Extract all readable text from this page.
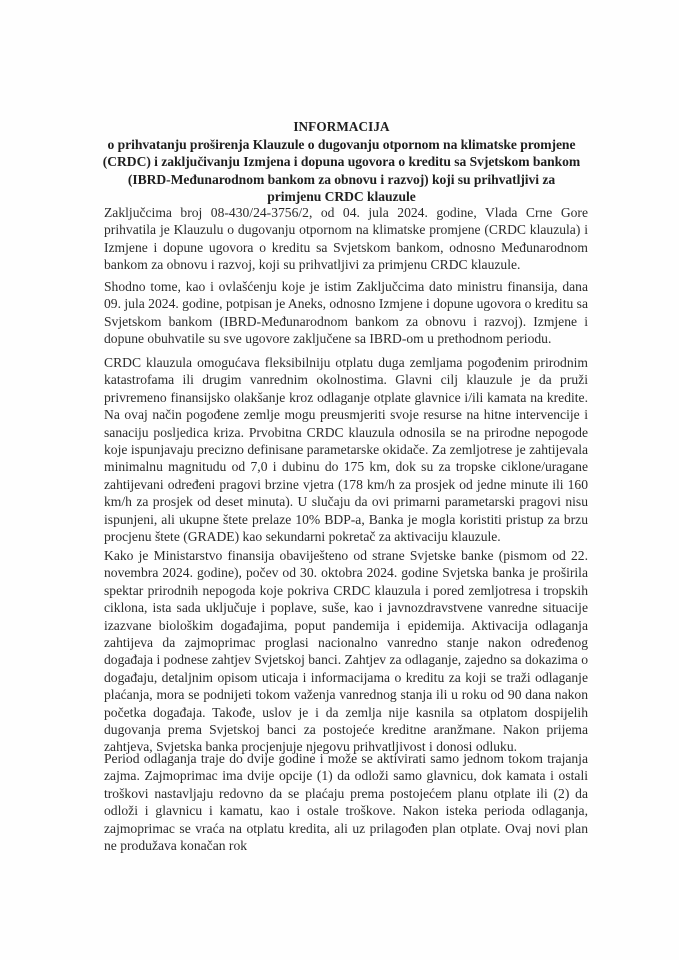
INFORMACIJA
o prihvatanju proširenja Klauzule o dugovanju otpornom na klimatske promjene (CRDC) i zaključivanju Izmjena i dopuna ugovora o kreditu sa Svjetskom bankom (IBRD-Međunarodnom bankom za obnovu i razvoj) koji su prihvatljivi za primjenu CRDC klauzule

Zaključcima broj 08-430/24-3756/2, od 04. jula 2024. godine, Vlada Crne Gore prihvatila je Klauzulu o dugovanju otpornom na klimatske promjene (CRDC klauzula) i Izmjene i dopune ugovora o kreditu sa Svjetskom bankom, odnosno Međunarodnom bankom za obnovu i razvoj, koji su prihvatljivi za primjenu CRDC klauzule.

Shodno tome, kao i ovlašćenju koje je istim Zaključcima dato ministru finansija, dana 09. jula 2024. godine, potpisan je Aneks, odnosno Izmjene i dopune ugovora o kreditu sa Svjetskom bankom (IBRD-Međunarodnom bankom za obnovu i razvoj). Izmjene i dopune obuhvatile su sve ugovore zaključene sa IBRD-om u prethodnom periodu.

CRDC klauzula omogućava fleksibilniju otplatu duga zemljama pogođenim prirodnim katastrofama ili drugim vanrednim okolnostima. Glavni cilj klauzule je da pruži privremeno finansijsko olakšanje kroz odlaganje otplate glavnice i/ili kamata na kredite. Na ovaj način pogođene zemlje mogu preusmjeriti svoje resurse na hitne intervencije i sanaciju posljedica kriza. Prvobitna CRDC klauzula odnosila se na prirodne nepogode koje ispunjavaju precizno definisane parametarske okidače. Za zemljotrese je zahtijevala minimalnu magnitudu od 7,0 i dubinu do 175 km, dok su za tropske ciklone/uragane zahtijevani određeni pragovi brzine vjetra (178 km/h za prosjek od jedne minute ili 160 km/h za prosjek od deset minuta). U slučaju da ovi primarni parametarski pragovi nisu ispunjeni, ali ukupne štete prelaze 10% BDP-a, Banka je mogla koristiti pristup za brzu procjenu štete (GRADE) kao sekundarni pokretač za aktivaciju klauzule.

Kako je Ministarstvo finansija obaviješteno od strane Svjetske banke (pismom od 22. novembra 2024. godine), počev od 30. oktobra 2024. godine Svjetska banka je proširila spektar prirodnih nepogoda koje pokriva CRDC klauzula i pored zemljotresa i tropskih ciklona, ista sada uključuje i poplave, suše, kao i javnozdravstvene vanredne situacije izazvane biološkim događajima, poput pandemija i epidemija. Aktivacija odlaganja zahtijeva da zajmoprimac proglasi nacionalno vanredno stanje nakon određenog događaja i podnese zahtjev Svjetskoj banci. Zahtjev za odlaganje, zajedno sa dokazima o događaju, detaljnim opisom uticaja i informacijama o kreditu za koji se traži odlaganje plaćanja, mora se podnijeti tokom važenja vanrednog stanja ili u roku od 90 dana nakon početka događaja. Takođe, uslov je i da zemlja nije kasnila sa otplatom dospijelih dugovanja prema Svjetskoj banci za postojeće kreditne aranžmane. Nakon prijema zahtjeva, Svjetska banka procjenjuje njegovu prihvatljivost i donosi odluku.

Period odlaganja traje do dvije godine i može se aktivirati samo jednom tokom trajanja zajma. Zajmoprimac ima dvije opcije (1) da odloži samo glavnicu, dok kamata i ostali troškovi nastavljaju redovno da se plaćaju prema postojećem planu otplate ili (2) da odloži i glavnicu i kamatu, kao i ostale troškove. Nakon isteka perioda odlaganja, zajmoprimac se vraća na otplatu kredita, ali uz prilagođen plan otplate. Ovaj novi plan ne produžava konačan rok
